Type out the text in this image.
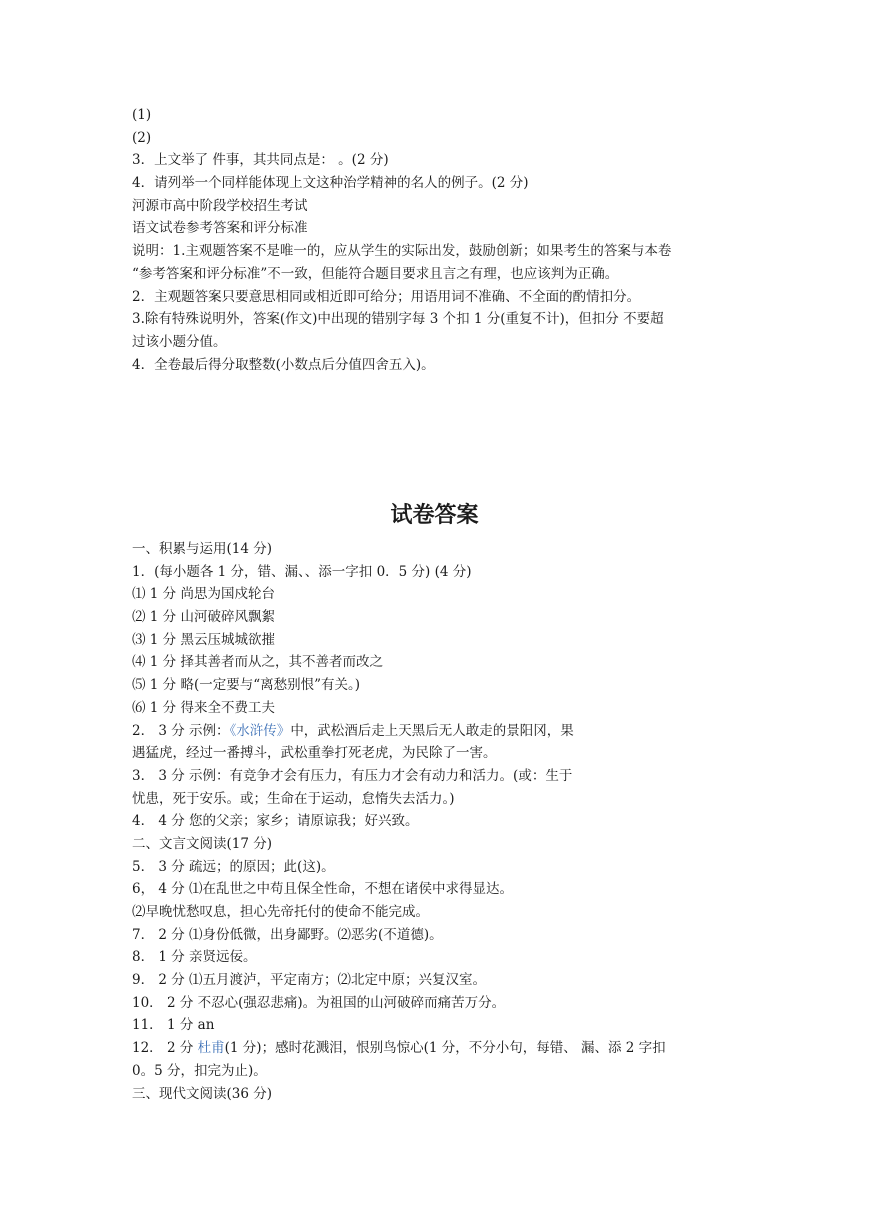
(1)
(2)
3．上文举了 件事，其共同点是： 。(2 分)
4．请列举一个同样能体现上文这种治学精神的名人的例子。(2 分)
河源市高中阶段学校招生考试
语文试卷参考答案和评分标准
说明：1.主观题答案不是唯一的，应从学生的实际出发，鼓励创新；如果考生的答案与本卷
“参考答案和评分标准”不一致，但能符合题目要求且言之有理，也应该判为正确。
2．主观题答案只要意思相同或相近即可给分；用语用词不准确、不全面的酌情扣分。
3.除有特殊说明外，答案(作文)中出现的错别字每 3 个扣 1 分(重复不计)，但扣分 不要超
过该小题分值。
4．全卷最后得分取整数(小数点后分值四舍五入)。
试卷答案
一、积累与运用(14 分)
1．(每小题各 1 分，错、漏、、添一字扣 0．5 分) (4 分)
⑴ 1 分 尚思为国戍轮台
⑵ 1 分 山河破碎风飘絮
⑶ 1 分 黑云压城城欲摧
⑷ 1 分 择其善者而从之，其不善者而改之
⑸ 1 分 略(一定要与“离愁别恨”有关。)
⑹ 1 分 得来全不费工夫
2． 3 分 示例：《水浒传》中，武松酒后走上天黑后无人敢走的景阳冈，果
遇猛虎，经过一番搏斗，武松重拳打死老虎，为民除了一害。
3． 3 分 示例：有竞争才会有压力，有压力才会有动力和活力。(或：生于
忧患，死于安乐。或；生命在于运动，怠惰失去活力。)
4． 4 分 您的父亲；家乡；请原谅我；好兴致。
二、文言文阅读(17 分)
5． 3 分 疏远；的原因；此(这)。
6， 4 分 ⑴在乱世之中苟且保全性命，不想在诸侯中求得显达。
⑵早晚忧愁叹息，担心先帝托付的使命不能完成。
7． 2 分 ⑴身份低微，出身鄙野。⑵恶劣(不道德)。
8． 1 分 亲贤远佞。
9． 2 分 ⑴五月渡泸，平定南方；⑵北定中原；兴复汉室。
10． 2 分 不忍心(强忍悲痛)。为祖国的山河破碎而痛苦万分。
11． 1 分 an
12． 2 分 杜甫(1 分)；感时花溅泪，恨别鸟惊心(1 分，不分小句，每错、 漏、添 2 字扣
0。5 分，扣完为止)。
三、现代文阅读(36 分)
